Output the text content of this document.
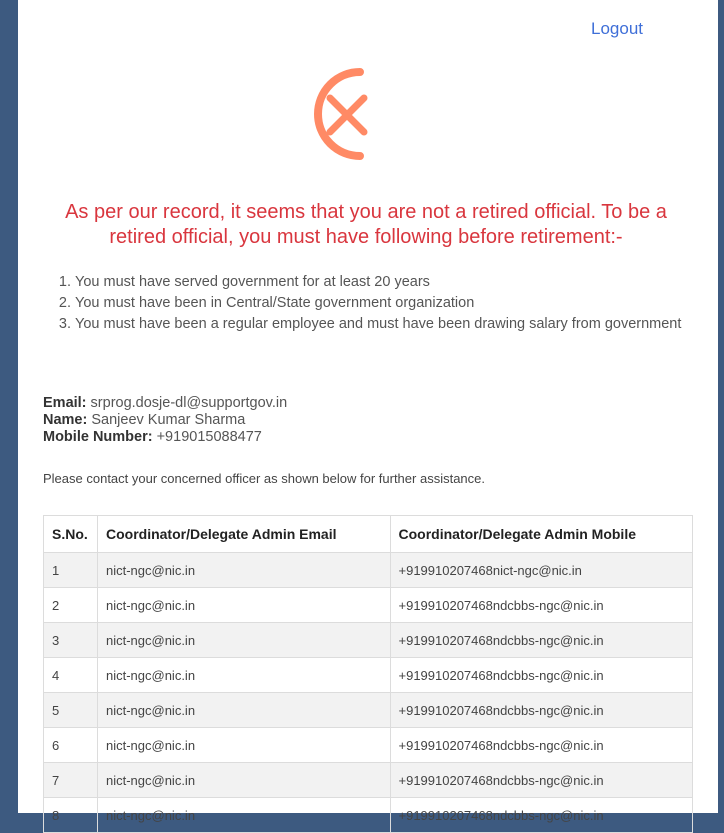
Logout
As per our record, it seems that you are not a retired official. To be a retired official, you must have following before retirement:-
1. You must have served government for at least 20 years
2. You must have been in Central/State government organization
3. You must have been a regular employee and must have been drawing salary from government
Email: srprog.dosje-dl@supportgov.in
Name: Sanjeev Kumar Sharma
Mobile Number: +919015088477
Please contact your concerned officer as shown below for further assistance.
S.No.	Coordinator/Delegate Admin Email	Coordinator/Delegate Admin Mobile
1	nict-ngc@nic.in	+919910207468nict-ngc@nic.in
2	nict-ngc@nic.in	+919910207468ndcbbs-ngc@nic.in
3	nict-ngc@nic.in	+919910207468ndcbbs-ngc@nic.in
4	nict-ngc@nic.in	+919910207468ndcbbs-ngc@nic.in
5	nict-ngc@nic.in	+919910207468ndcbbs-ngc@nic.in
6	nict-ngc@nic.in	+919910207468ndcbbs-ngc@nic.in
7	nict-ngc@nic.in	+919910207468ndcbbs-ngc@nic.in
8	nict-ngc@nic.in	+919910207468ndcbbs-ngc@nic.in
